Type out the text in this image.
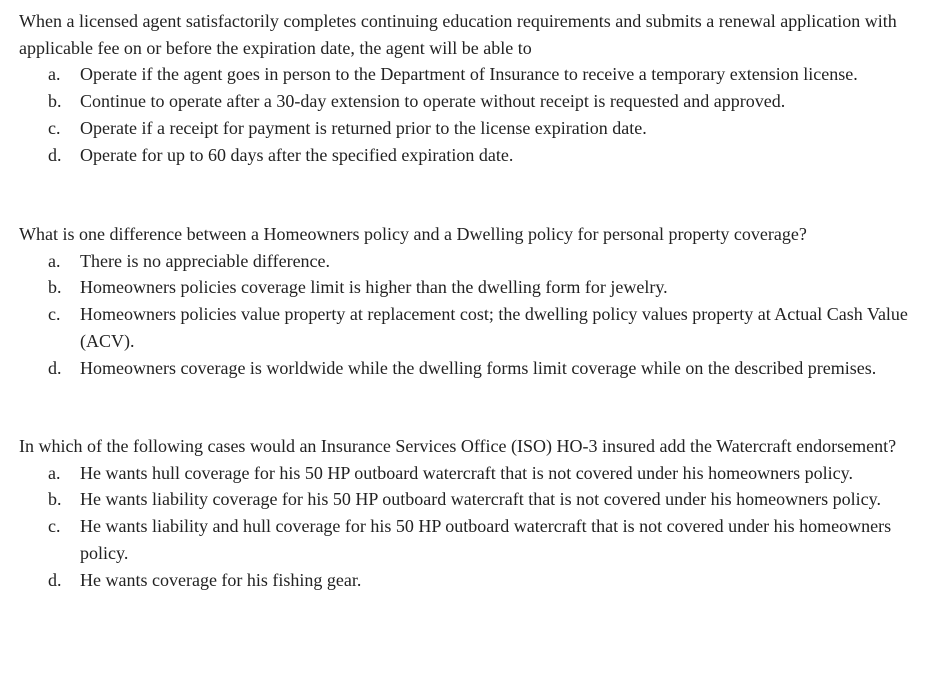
When a licensed agent satisfactorily completes continuing education requirements and submits a renewal application with applicable fee on or before the expiration date, the agent will be able to

a. Operate if the agent goes in person to the Department of Insurance to receive a temporary extension license.
b. Continue to operate after a 30-day extension to operate without receipt is requested and approved.
c. Operate if a receipt for payment is returned prior to the license expiration date.
d. Operate for up to 60 days after the specified expiration date.

What is one difference between a Homeowners policy and a Dwelling policy for personal property coverage?

a. There is no appreciable difference.
b. Homeowners policies coverage limit is higher than the dwelling form for jewelry.
c. Homeowners policies value property at replacement cost; the dwelling policy values property at Actual Cash Value (ACV).
d. Homeowners coverage is worldwide while the dwelling forms limit coverage while on the described premises.

In which of the following cases would an Insurance Services Office (ISO) HO-3 insured add the Watercraft endorsement?

a. He wants hull coverage for his 50 HP outboard watercraft that is not covered under his homeowners policy.
b. He wants liability coverage for his 50 HP outboard watercraft that is not covered under his homeowners policy.
c. He wants liability and hull coverage for his 50 HP outboard watercraft that is not covered under his homeowners policy.
d. He wants coverage for his fishing gear.
